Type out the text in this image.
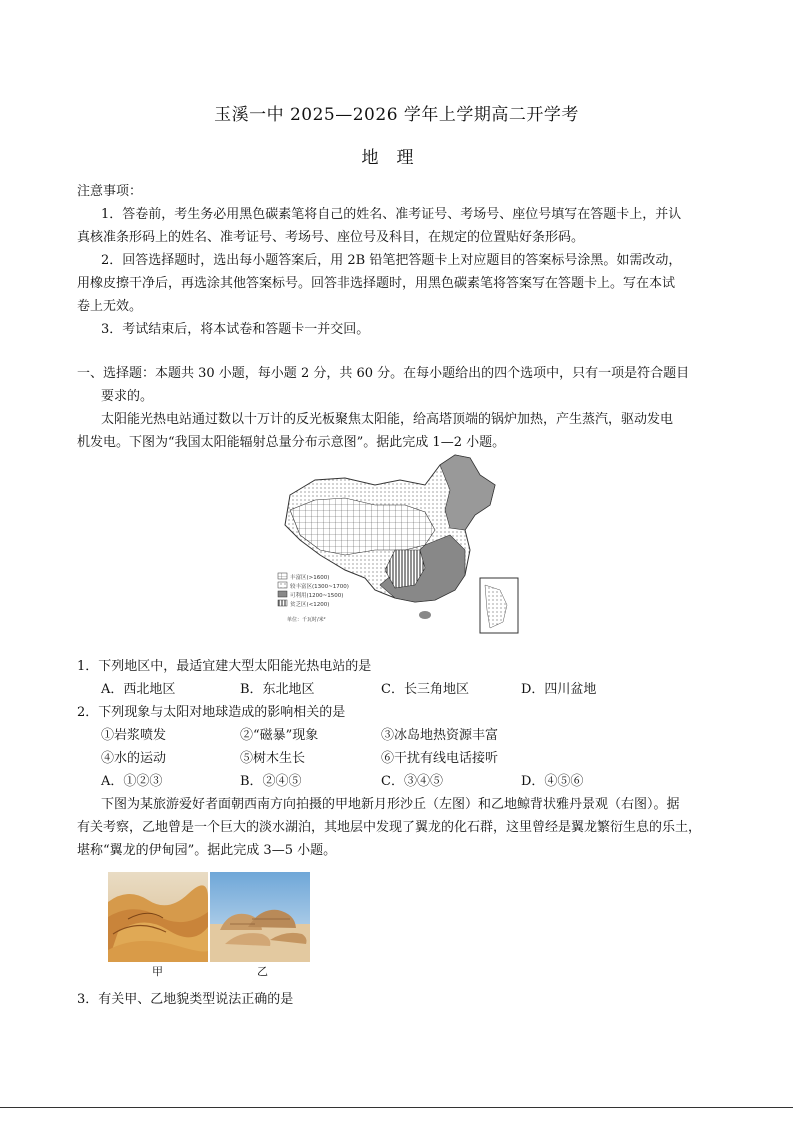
玉溪一中 2025—2026 学年上学期高二开学考
地理
注意事项：
1．答卷前，考生务必用黑色碳素笔将自己的姓名、准考证号、考场号、座位号填写在答题卡上，并认
真核准条形码上的姓名、准考证号、考场号、座位号及科目，在规定的位置贴好条形码。
2．回答选择题时，选出每小题答案后，用 2B 铅笔把答题卡上对应题目的答案标号涂黑。如需改动，
用橡皮擦干净后，再选涂其他答案标号。回答非选择题时，用黑色碳素笔将答案写在答题卡上。写在本试
卷上无效。
3．考试结束后，将本试卷和答题卡一并交回。
一、选择题：本题共 30 小题，每小题 2 分，共 60 分。在每小题给出的四个选项中，只有一项是符合题目
要求的。
太阳能光热电站通过数以十万计的反光板聚焦太阳能，给高塔顶端的锅炉加热，产生蒸汽，驱动发电
机发电。下图为“我国太阳能辐射总量分布示意图”。据此完成 1—2 小题。
丰富区(>1600)
较丰富区(1300~1700)
可利用(1200~1500)
贫乏区(<1200)
单位：千瓦时/米²
1．下列地区中，最适宜建大型太阳能光热电站的是
A．西北地区	B．东北地区	C．长三角地区	D．四川盆地
2．下列现象与太阳对地球造成的影响相关的是
①岩浆喷发	②“磁暴”现象	③冰岛地热资源丰富
④水的运动	⑤树木生长	⑥干扰有线电话接听
A．①②③	B．②④⑤	C．③④⑤	D．④⑤⑥
下图为某旅游爱好者面朝西南方向拍摄的甲地新月形沙丘（左图）和乙地鲸背状雅丹景观（右图）。据
有关考察，乙地曾是一个巨大的淡水湖泊，其地层中发现了翼龙的化石群，这里曾经是翼龙繁衍生息的乐土，
堪称“翼龙的伊甸园”。据此完成 3—5 小题。
甲	乙
3．有关甲、乙地貌类型说法正确的是
